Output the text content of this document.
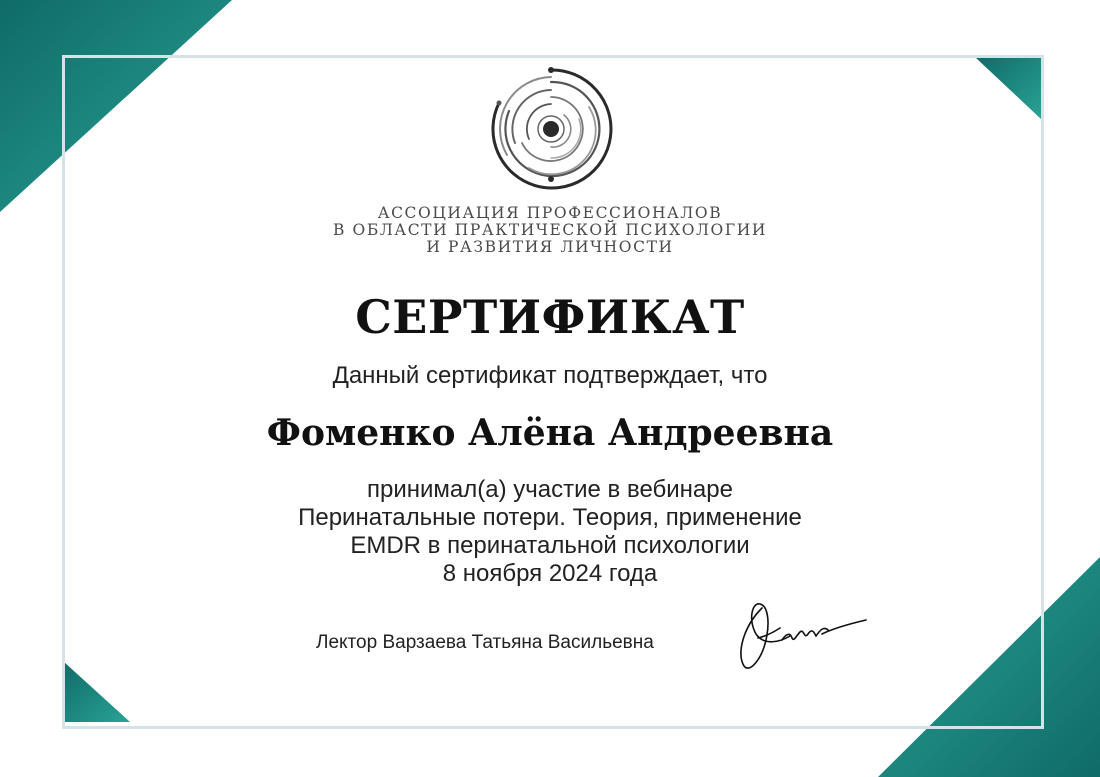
АССОЦИАЦИЯ ПРОФЕССИОНАЛОВ
В ОБЛАСТИ ПРАКТИЧЕСКОЙ ПСИХОЛОГИИ
И РАЗВИТИЯ ЛИЧНОСТИ
СЕРТИФИКАТ
Данный сертификат подтверждает, что
Фоменко Алёна Андреевна
принимал(а) участие в вебинаре
Перинатальные потери. Теория, применение
EMDR в перинатальной психологии
8 ноября 2024 года
Лектор Варзаева Татьяна Васильевна
